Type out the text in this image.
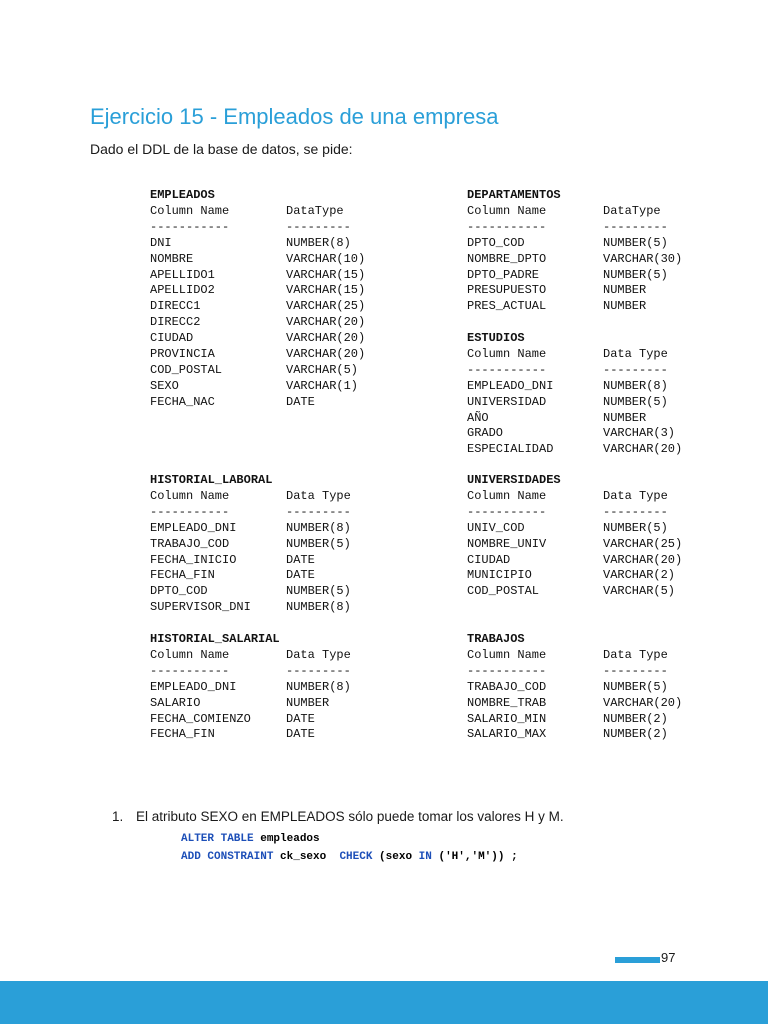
Ejercicio 15 - Empleados de una empresa

Dado el DDL de la base de datos, se pide:

EMPLEADOS
Column Name	DataType
-----------	---------
DNI	NUMBER(8)
NOMBRE	VARCHAR(10)
APELLIDO1	VARCHAR(15)
APELLIDO2	VARCHAR(15)
DIRECC1	VARCHAR(25)
DIRECC2	VARCHAR(20)
CIUDAD	VARCHAR(20)
PROVINCIA	VARCHAR(20)
COD_POSTAL	VARCHAR(5)
SEXO	VARCHAR(1)
FECHA_NAC	DATE
DEPARTAMENTOS
Column Name	DataType
-----------	---------
DPTO_COD	NUMBER(5)
NOMBRE_DPTO	VARCHAR(30)
DPTO_PADRE	NUMBER(5)
PRESUPUESTO	NUMBER
PRES_ACTUAL	NUMBER
ESTUDIOS
Column Name	Data Type
-----------	---------
EMPLEADO_DNI	NUMBER(8)
UNIVERSIDAD	NUMBER(5)
AÑO	NUMBER
GRADO	VARCHAR(3)
ESPECIALIDAD	VARCHAR(20)
HISTORIAL_LABORAL
Column Name	Data Type
-----------	---------
EMPLEADO_DNI	NUMBER(8)
TRABAJO_COD	NUMBER(5)
FECHA_INICIO	DATE
FECHA_FIN	DATE
DPTO_COD	NUMBER(5)
SUPERVISOR_DNI	NUMBER(8)
UNIVERSIDADES
Column Name	Data Type
-----------	---------
UNIV_COD	NUMBER(5)
NOMBRE_UNIV	VARCHAR(25)
CIUDAD	VARCHAR(20)
MUNICIPIO	VARCHAR(2)
COD_POSTAL	VARCHAR(5)
HISTORIAL_SALARIAL
Column Name	Data Type
-----------	---------
EMPLEADO_DNI	NUMBER(8)
SALARIO	NUMBER
FECHA_COMIENZO	DATE
FECHA_FIN	DATE
TRABAJOS
Column Name	Data Type
-----------	---------
TRABAJO_COD	NUMBER(5)
NOMBRE_TRAB	VARCHAR(20)
SALARIO_MIN	NUMBER(2)
SALARIO_MAX	NUMBER(2)
1. El atributo SEXO en EMPLEADOS sólo puede tomar los valores H y M.
ALTER TABLE empleados
ADD CONSTRAINT ck_sexo  CHECK (sexo IN ('H','M')) ;
97
